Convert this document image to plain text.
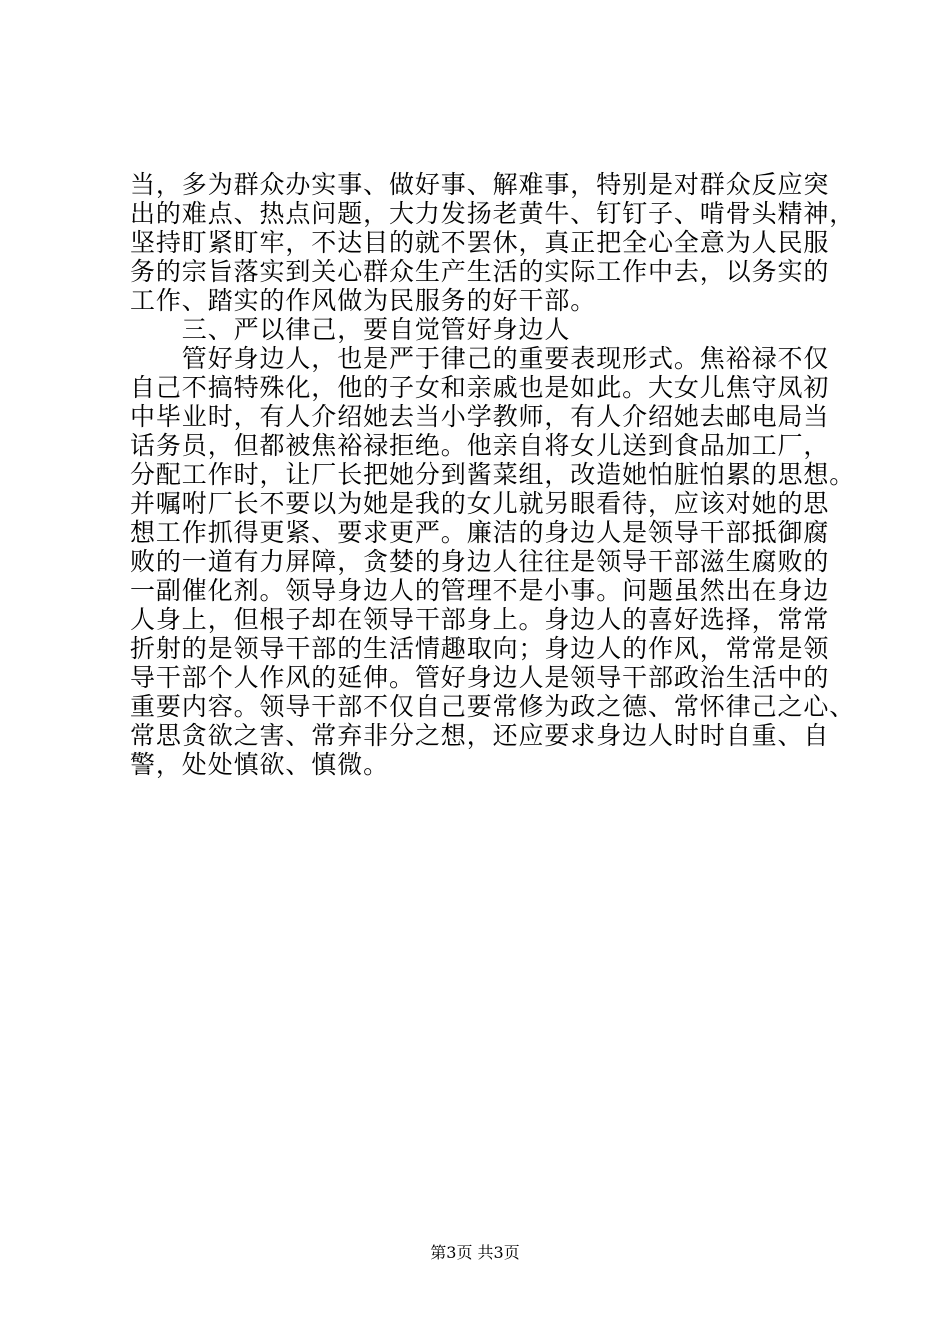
当，多为群众办实事、做好事、解难事，特别是对群众反应突
出的难点、热点问题，大力发扬老黄牛、钉钉子、啃骨头精神，
坚持盯紧盯牢，不达目的就不罢休，真正把全心全意为人民服
务的宗旨落实到关心群众生产生活的实际工作中去，以务实的
工作、踏实的作风做为民服务的好干部。
　　三、严以律己，要自觉管好身边人
　　管好身边人，也是严于律己的重要表现形式。焦裕禄不仅
自己不搞特殊化，他的子女和亲戚也是如此。大女儿焦守凤初
中毕业时，有人介绍她去当小学教师，有人介绍她去邮电局当
话务员，但都被焦裕禄拒绝。他亲自将女儿送到食品加工厂，
分配工作时，让厂长把她分到酱菜组，改造她怕脏怕累的思想。
并嘱咐厂长不要以为她是我的女儿就另眼看待，应该对她的思
想工作抓得更紧、要求更严。廉洁的身边人是领导干部抵御腐
败的一道有力屏障，贪婪的身边人往往是领导干部滋生腐败的
一副催化剂。领导身边人的管理不是小事。问题虽然出在身边
人身上，但根子却在领导干部身上。身边人的喜好选择，常常
折射的是领导干部的生活情趣取向；身边人的作风，常常是领
导干部个人作风的延伸。管好身边人是领导干部政治生活中的
重要内容。领导干部不仅自己要常修为政之德、常怀律己之心、
常思贪欲之害、常弃非分之想，还应要求身边人时时自重、自
警，处处慎欲、慎微。
第3页 共3页
